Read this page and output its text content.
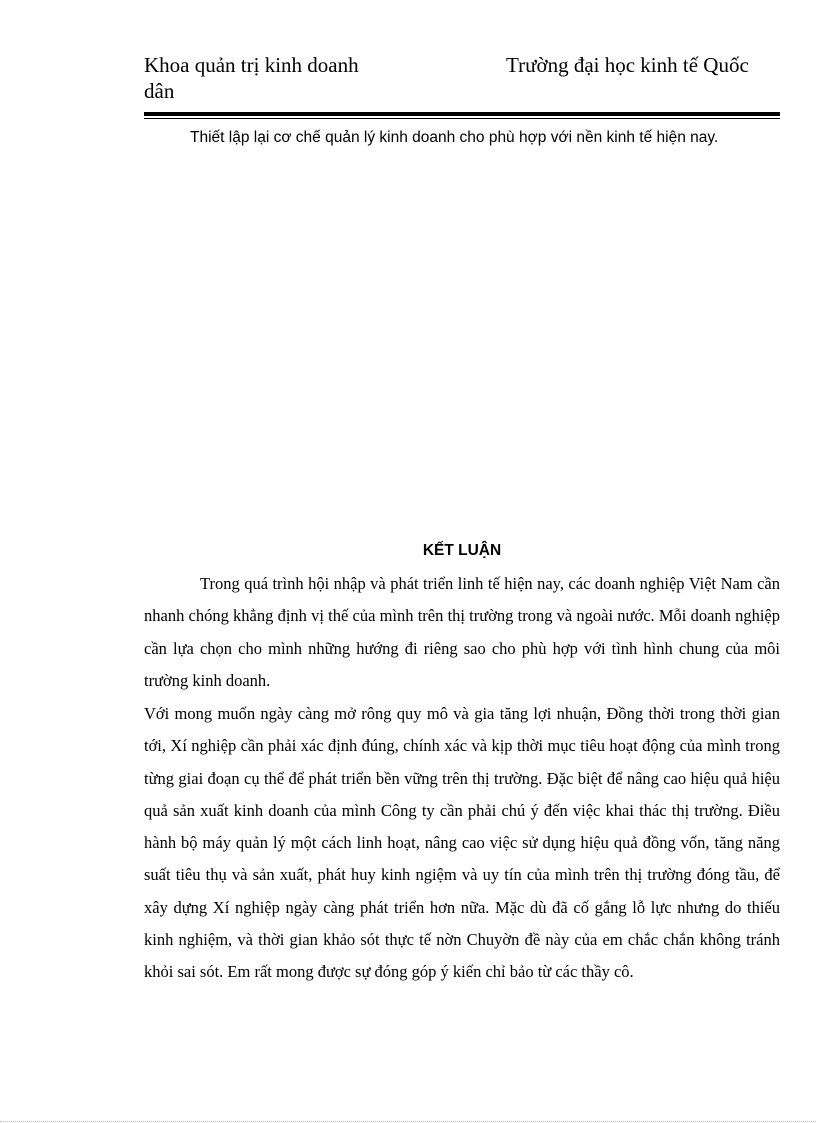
Khoa quản trị kinh doanh	Trường đại học kinh tế Quốc
dân

Thiết lập lại cơ chế quản lý kinh doanh cho phù hợp với nền kinh tế hiện nay.

KẾT LUẬN

Trong quá trình hội nhập và phát triển linh tế hiện nay, các doanh nghiệp Việt Nam cần nhanh chóng khẳng định vị thế của mình trên thị trường trong và ngoài nước. Mỗi doanh nghiệp cần lựa chọn cho mình những hướng đi riêng sao cho phù hợp với tình hình chung của môi trường kinh doanh.

Với mong muốn ngày càng mở rông quy mô và gia tăng lợi nhuận, Đồng thời trong thời gian tới, Xí nghiệp cần phải xác định đúng, chính xác và kịp thời mục tiêu hoạt động của mình trong từng giai đoạn cụ thể để phát triển bền vững trên thị trường. Đặc biệt để nâng cao hiệu quả hiệu quả sản xuất kinh doanh của mình Công ty cần phải chú ý đến việc khai thác thị trường. Điều hành bộ máy quản lý một cách linh hoạt, nâng cao việc sử dụng hiệu quả đồng vốn, tăng năng suất tiêu thụ và sản xuất, phát huy kinh ngiệm và uy tín của mình trên thị trường đóng tầu, để xây dựng Xí nghiệp ngày càng phát triển hơn nữa. Mặc dù đã cố gắng lỗ lực nhưng do thiếu kinh nghiệm, và thời gian khảo sót thực tế nờn Chuyờn đề này của em chắc chắn không tránh khỏi sai sót. Em rất mong được sự đóng góp ý kiến chỉ bảo từ các thầy cô.
